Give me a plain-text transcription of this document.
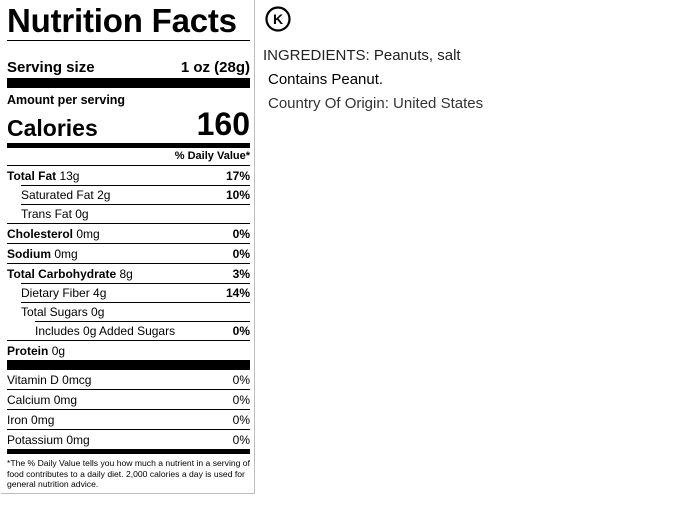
Nutrition Facts
Serving size	1 oz (28g)
Amount per serving
Calories	160
% Daily Value*
Total Fat 13g	17%
Saturated Fat 2g	10%
Trans Fat 0g
Cholesterol 0mg	0%
Sodium 0mg	0%
Total Carbohydrate 8g	3%
Dietary Fiber 4g	14%
Total Sugars 0g
Includes 0g Added Sugars	0%
Protein 0g
Vitamin D 0mcg	0%
Calcium 0mg	0%
Iron 0mg	0%
Potassium 0mg	0%
*The % Daily Value tells you how much a nutrient in a serving of food contributes to a daily diet. 2,000 calories a day is used for general nutrition advice.
K
INGREDIENTS: Peanuts, salt
Contains Peanut.
Country Of Origin: United States
